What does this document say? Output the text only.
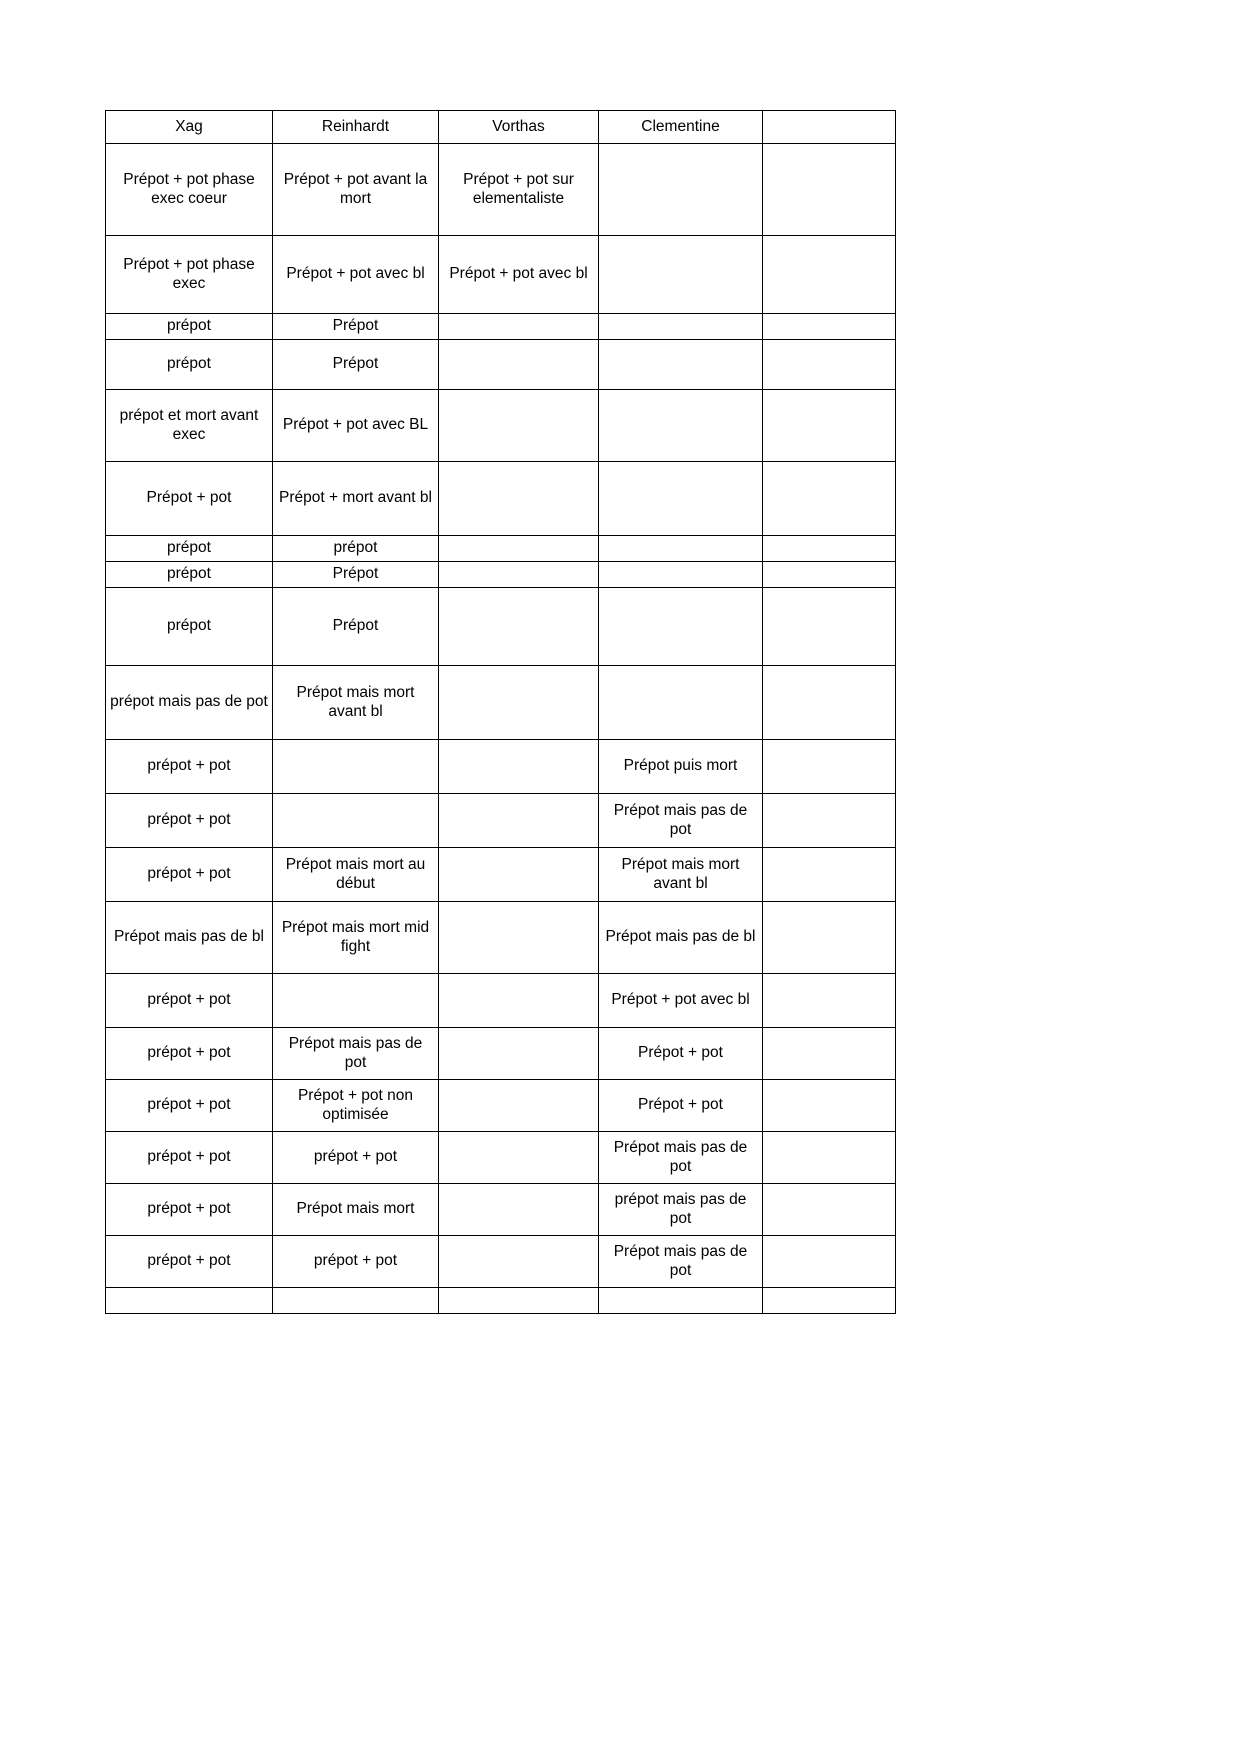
Xag	Reinhardt	Vorthas	Clementine	
Prépot + pot phase exec coeur	Prépot + pot avant la mort	Prépot + pot sur elementaliste		
Prépot + pot phase exec	Prépot + pot avec bl	Prépot + pot avec bl		
prépot	Prépot			
prépot	Prépot			
prépot et mort avant exec	Prépot + pot avec BL			
Prépot + pot	Prépot + mort avant bl			
prépot	prépot			
prépot	Prépot			
prépot	Prépot			
prépot mais pas de pot	Prépot mais mort avant bl			
prépot + pot			Prépot puis mort	
prépot + pot			Prépot mais pas de pot	
prépot + pot	Prépot mais mort au début		Prépot mais mort avant bl	
Prépot mais pas de bl	Prépot mais mort mid fight		Prépot mais pas de bl	
prépot + pot			Prépot + pot avec bl	
prépot + pot	Prépot mais pas de pot		Prépot + pot	
prépot + pot	Prépot + pot non optimisée		Prépot + pot	
prépot + pot	prépot + pot		Prépot mais pas de pot	
prépot + pot	Prépot mais mort		prépot mais pas de pot	
prépot + pot	prépot + pot		Prépot mais pas de pot	
